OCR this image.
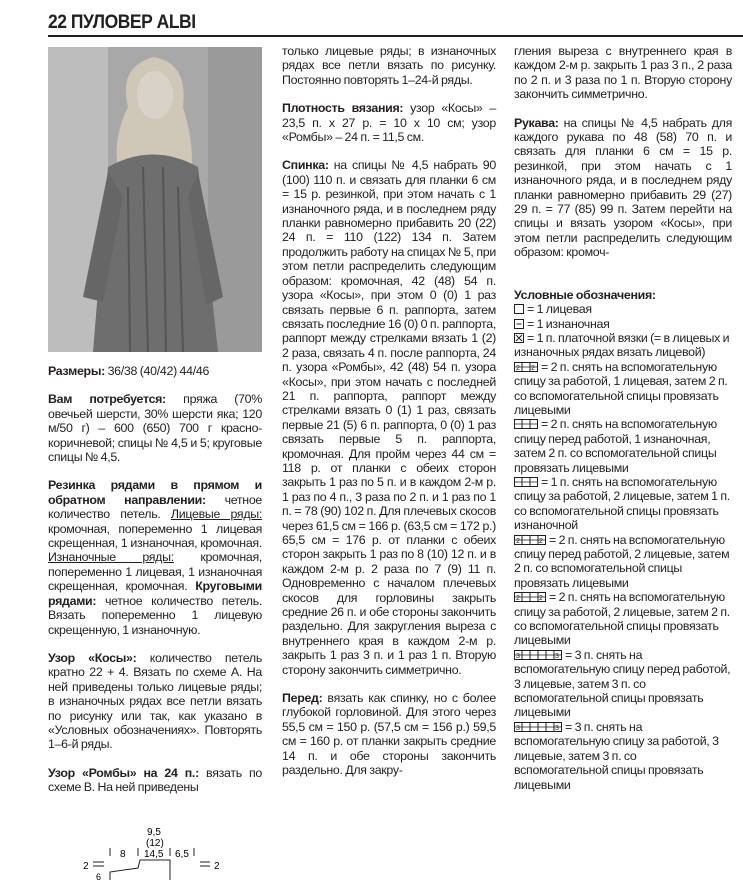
22 ПУЛОВЕР ALBI

Размеры: 36/38 (40/42) 44/46

Вам потребуется: пряжа (70% овечьей шерсти, 30% шерсти яка; 120 м/50 г) – 600 (650) 700 г красно-коричневой; спицы № 4,5 и 5; круговые спицы № 4,5.

Резинка рядами в прямом и обратном направлении: четное количество петель. Лицевые ряды: кромочная, попеременно 1 лицевая скрещенная, 1 изнаночная, кромочная. Изнаночные ряды: кромочная, попеременно 1 лицевая, 1 изнаночная скрещенная, кромочная. Круговыми рядами: четное количество петель. Вязать попеременно 1 лицевую скрещенную, 1 изнаночную.

Узор «Косы»: количество петель кратно 22 + 4. Вязать по схеме А. На ней приведены только лицевые ряды; в изнаночных рядах все петли вязать по рисунку или так, как указано в «Условных обозначениях». Повторять 1–6-й ряды.

Узор «Ромбы» на 24 п.: вязать по схеме В. На ней приведены

только лицевые ряды; в изнаночных рядах все петли вязать по рисунку. Постоянно повторять 1–24-й ряды.

Плотность вязания: узор «Косы» – 23,5 п. х 27 р. = 10 х 10 см; узор «Ромбы» – 24 п. = 11,5 см.

Спинка: на спицы № 4,5 набрать 90 (100) 110 п. и связать для планки 6 см = 15 р. резинкой, при этом начать с 1 изнаночного ряда, и в последнем ряду планки равномерно прибавить 20 (22) 24 п. = 110 (122) 134 п. Затем продолжить работу на спицах № 5, при этом петли распределить следующим образом: кромочная, 42 (48) 54 п. узора «Косы», при этом 0 (0) 1 раз связать первые 6 п. раппорта, затем связать последние 16 (0) 0 п. раппорта, раппорт между стрелками вязать 1 (2) 2 раза, связать 4 п. после раппорта, 24 п. узора «Ромбы», 42 (48) 54 п. узора «Косы», при этом начать с последней 21 п. раппорта, раппорт между стрелками вязать 0 (1) 1 раз, связать первые 21 (5) 6 п. раппорта, 0 (0) 1 раз связать первые 5 п. раппорта, кромочная. Для пройм через 44 см = 118 р. от планки с обеих сторон закрыть 1 раз по 5 п. и в каждом 2-м р. 1 раз по 4 п., 3 раза по 2 п. и 1 раз по 1 п. = 78 (90) 102 п. Для плечевых скосов через 61,5 см = 166 р. (63,5 см = 172 р.) 65,5 см = 176 р. от планки с обеих сторон закрыть 1 раз по 8 (10) 12 п. и в каждом 2-м р. 2 раза по 7 (9) 11 п. Одновременно с началом плечевых скосов для горловины закрыть средние 26 п. и обе стороны закончить раздельно. Для закругления выреза с внутреннего края в каждом 2-м р. закрыть 1 раз 3 п. и 1 раз 1 п. Вторую сторону закончить симметрично.

Перед: вязать как спинку, но с более глубокой горловиной. Для этого через 55,5 см = 150 р. (57,5 см = 156 р.) 59,5 см = 160 р. от планки закрыть средние 14 п. и обе стороны закончить раздельно. Для закру-

гления выреза с внутреннего края в каждом 2-м р. закрыть 1 раз 3 п., 2 раза по 2 п. и 3 раза по 1 п. Вторую сторону закончить симметрично.

Рукава: на спицы № 4,5 набрать для каждого рукава по 48 (58) 70 п. и связать для планки 6 см = 15 р. резинкой, при этом начать с 1 изнаночного ряда, и в последнем ряду планки равномерно прибавить 29 (27) 29 п. = 77 (85) 99 п. Затем перейти на спицы и вязать узором «Косы», при этом петли распределить следующим образом: кромоч-

Условные обозначения:

= 1 лицевая
= 1 изнаночная
= 1 п. платочной вязки (= в лицевых и изнаночных рядах вязать лицевой)
2 2 = 2 п. снять на вспомогательную спицу за работой, 1 лицевая, затем 2 п. со вспомогательной спицы провязать лицевыми
= 2 п. снять на вспомогательную спицу перед работой, 1 изнаночная, затем 2 п. со вспомогательной спицы провязать лицевыми
= 1 п. снять на вспомогательную спицу за работой, 2 лицевые, затем 1 п. со вспомогательной спицы провязать изнаночной
2	2 = 2 п. снять на вспомогательную спицу перед работой, 2 лицевые, затем 2 п. со вспомогательной спицы провязать лицевыми
2	2 = 2 п. снять на вспомогательную спицу за работой, 2 лицевые, затем 2 п. со вспомогательной спицы провязать лицевыми
3	3 = 3 п. снять на вспомогательную спицу перед работой, 3 лицевые, затем 3 п. со вспомогательной спицы провязать лицевыми
3	3 = 3 п. снять на вспомогательную спицу за работой, 3 лицевые, затем 3 п. со вспомогательной спицы провязать лицевыми
9,5
(12)
14,5
8	6,5
2	2
6
